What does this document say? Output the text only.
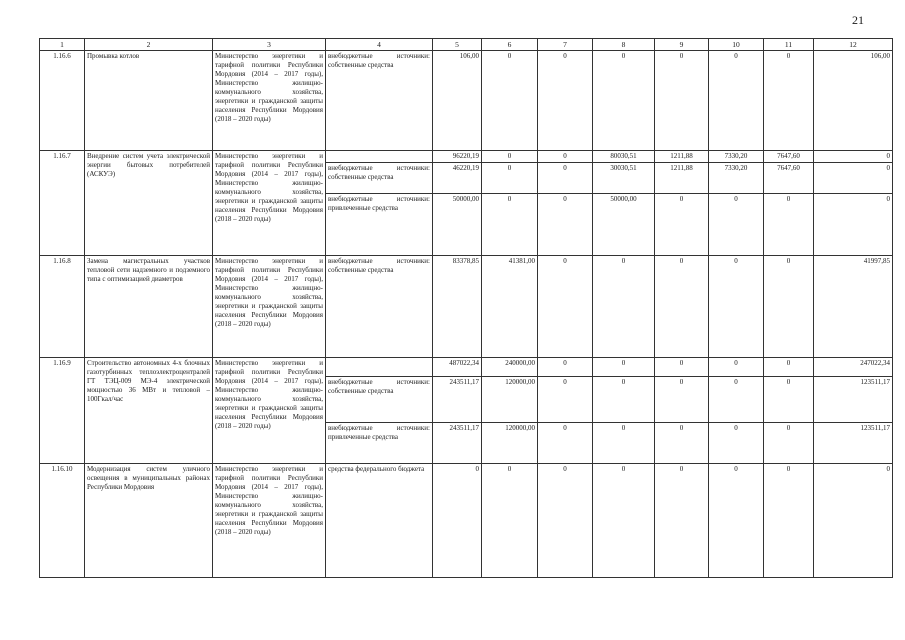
21
1	2	3	4	5	6	7	8	9	10	11	12
1.16.6	Промывка котлов	Министерство энергетики и тарифной политики Республики Мордовия (2014 – 2017 годы), Министерство жилищно-коммунального хозяйства, энергетики и гражданской защиты населения Республики Мордовия (2018 – 2020 годы)	внебюджетные источники: собственные средства	106,00	0	0	0	0	0	0	106,00
1.16.7	Внедрение систем учета электрической энергии бытовых потребителей (АСКУЭ)	Министерство энергетики и тарифной политики Республики Мордовия (2014 – 2017 годы), Министерство жилищно-коммунального хозяйства, энергетики и гражданской защиты населения Республики Мордовия (2018 – 2020 годы)		96220,19	0	0	80030,51	1211,88	7330,20	7647,60	0
			внебюджетные источники: собственные средства	46220,19	0	0	30030,51	1211,88	7330,20	7647,60	0
			внебюджетные источники: привлеченные средства	50000,00	0	0	50000,00	0	0	0	0
1.16.8	Замена магистральных участков тепловой сети надземного и подземного типа с оптимизацией диаметров	Министерство энергетики и тарифной политики Республики Мордовия (2014 – 2017 годы), Министерство жилищно-коммунального хозяйства, энергетики и гражданской защиты населения Республики Мордовия (2018 – 2020 годы)	внебюджетные источники: собственные средства	83378,85	41381,00	0	0	0	0	0	41997,85
1.16.9	Строительство автономных 4-х блочных газотурбинных теплоэлектроцентралей ГТ ТЭЦ-009 МЭ-4 электрической мощностью 36 МВт и тепловой – 100Гкал/час	Министерство энергетики и тарифной политики Республики Мордовия (2014 – 2017 годы), Министерство жилищно-коммунального хозяйства, энергетики и гражданской защиты населения Республики Мордовия (2018 – 2020 годы)		487022,34	240000,00	0	0	0	0	0	247022,34
			внебюджетные источники: собственные средства	243511,17	120000,00	0	0	0	0	0	123511,17
			внебюджетные источники: привлеченные средства	243511,17	120000,00	0	0	0	0	0	123511,17
1.16.10	Модернизация систем уличного освещения в муниципальных районах Республики Мордовия	Министерство энергетики и тарифной политики Республики Мордовия (2014 – 2017 годы), Министерство жилищно-коммунального хозяйства, энергетики и гражданской защиты населения Республики Мордовия (2018 – 2020 годы)	средства федерального бюджета	0	0	0	0	0	0	0	0
